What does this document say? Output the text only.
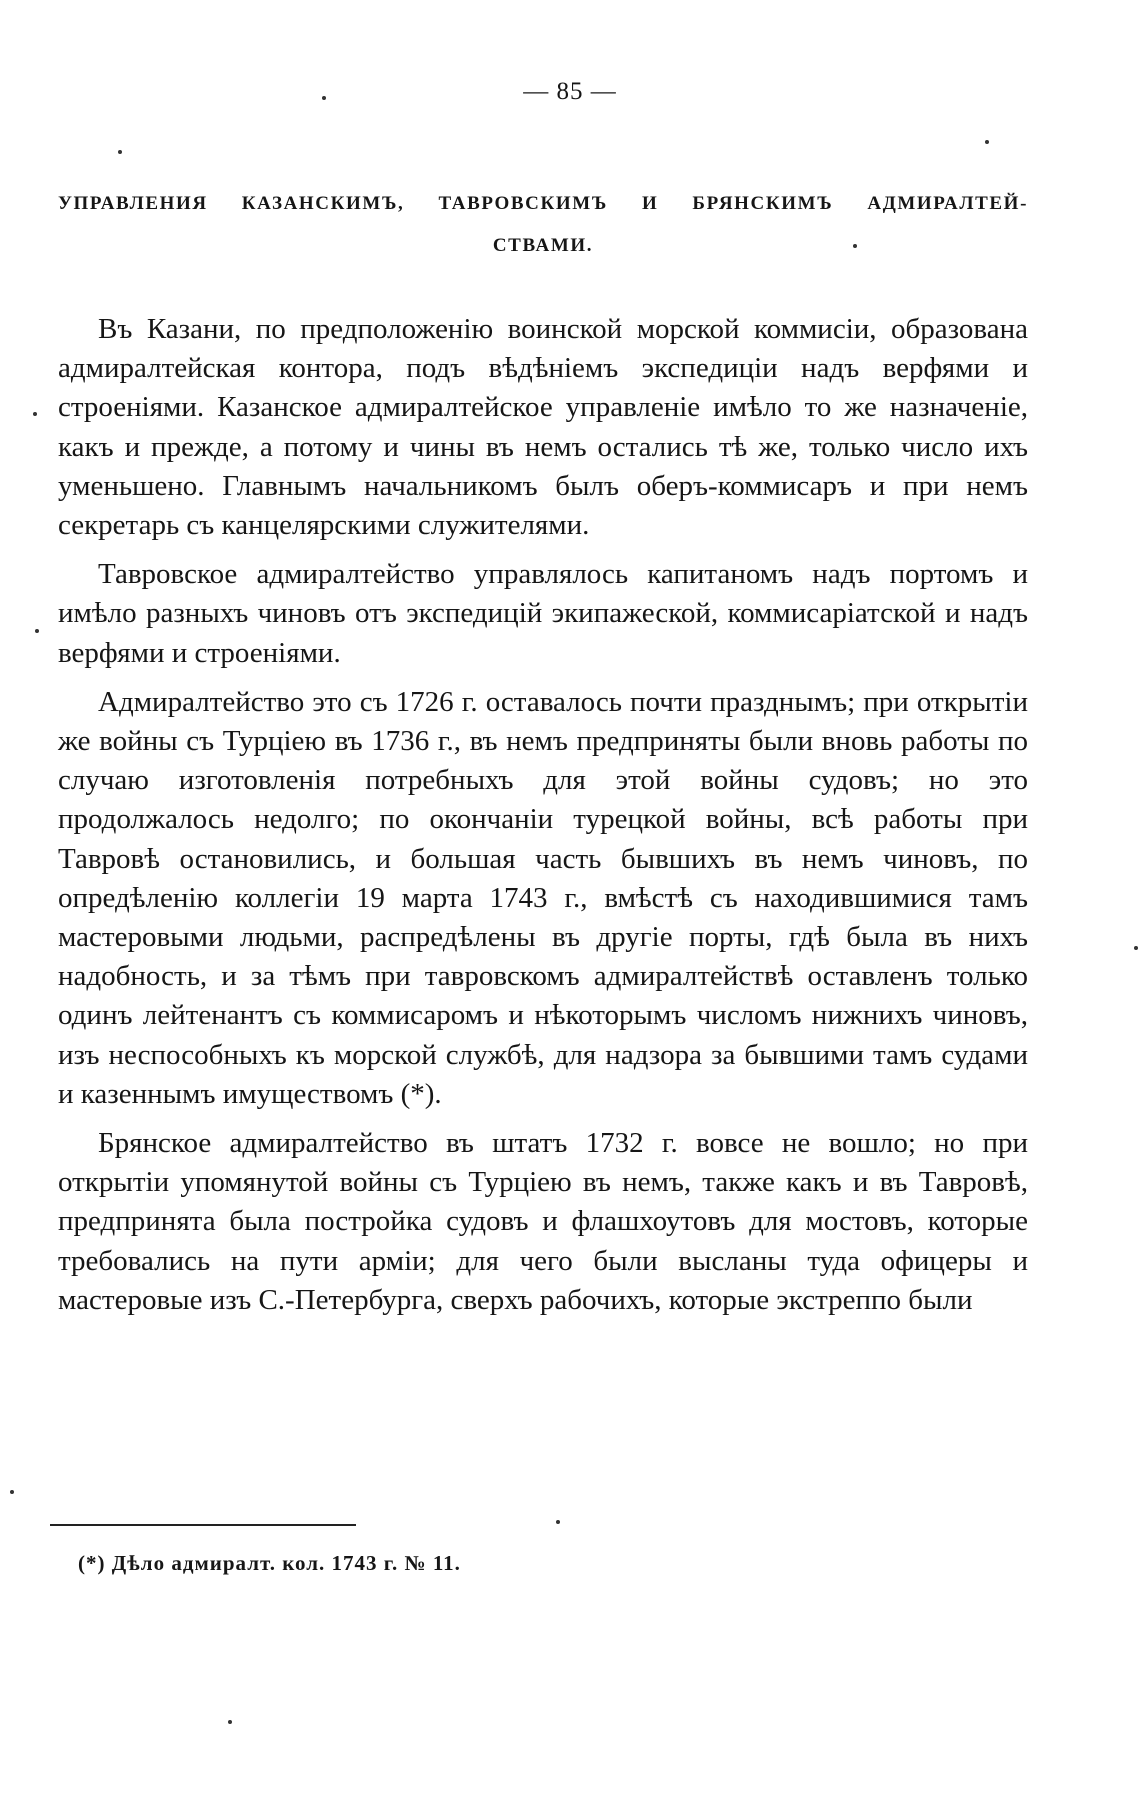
— 85 —
УПРАВЛЕНИЯ КАЗАНСКИМЪ, ТАВРОВСКИМЪ И БРЯНСКИМЪ АДМИРАЛТЕЙ-
СТВАМИ.

Въ Казани, по предположенію воинской морской коммисіи, образована адмиралтейская контора, подъ вѣдѣніемъ экспедиціи надъ верфями и строеніями. Казанское адмиралтейское управленіе имѣло то же назначеніе, какъ и прежде, а потому и чины въ немъ остались тѣ же, только число ихъ уменьшено. Главнымъ начальникомъ былъ оберъ-коммисаръ и при немъ секретарь съ канцелярскими служителями.

Тавровское адмиралтейство управлялось капитаномъ надъ портомъ и имѣло разныхъ чиновъ отъ экспедицій экипажеской, коммисаріатской и надъ верфями и строеніями.

Адмиралтейство это съ 1726 г. оставалось почти празднымъ; при открытіи же войны съ Турціею въ 1736 г., въ немъ предприняты были вновь работы по случаю изготовленія потребныхъ для этой войны судовъ; но это продолжалось недолго; по окончаніи турецкой войны, всѣ работы при Тавровѣ остановились, и большая часть бывшихъ въ немъ чиновъ, по опредѣленію коллегіи 19 марта 1743 г., вмѣстѣ съ находившимися тамъ мастеровыми людьми, распредѣлены въ другіе порты, гдѣ была въ нихъ надобность, и за тѣмъ при тавровскомъ адмиралтействѣ оставленъ только одинъ лейтенантъ съ коммисаромъ и нѣкоторымъ числомъ нижнихъ чиновъ, изъ неспособныхъ къ морской службѣ, для надзора за бывшими тамъ судами и казеннымъ имуществомъ (*).

Брянское адмиралтейство въ штатъ 1732 г. вовсе не вошло; но при открытіи упомянутой войны съ Турціею въ немъ, также какъ и въ Тавровѣ, предпринята была постройка судовъ и флашхоутовъ для мостовъ, которые требовались на пути арміи; для чего были высланы туда офицеры и мастеровые изъ С.-Петербурга, сверхъ рабочихъ, которые экстреппо были

(*) Дѣло адмиралт. кол. 1743 г. № 11.
